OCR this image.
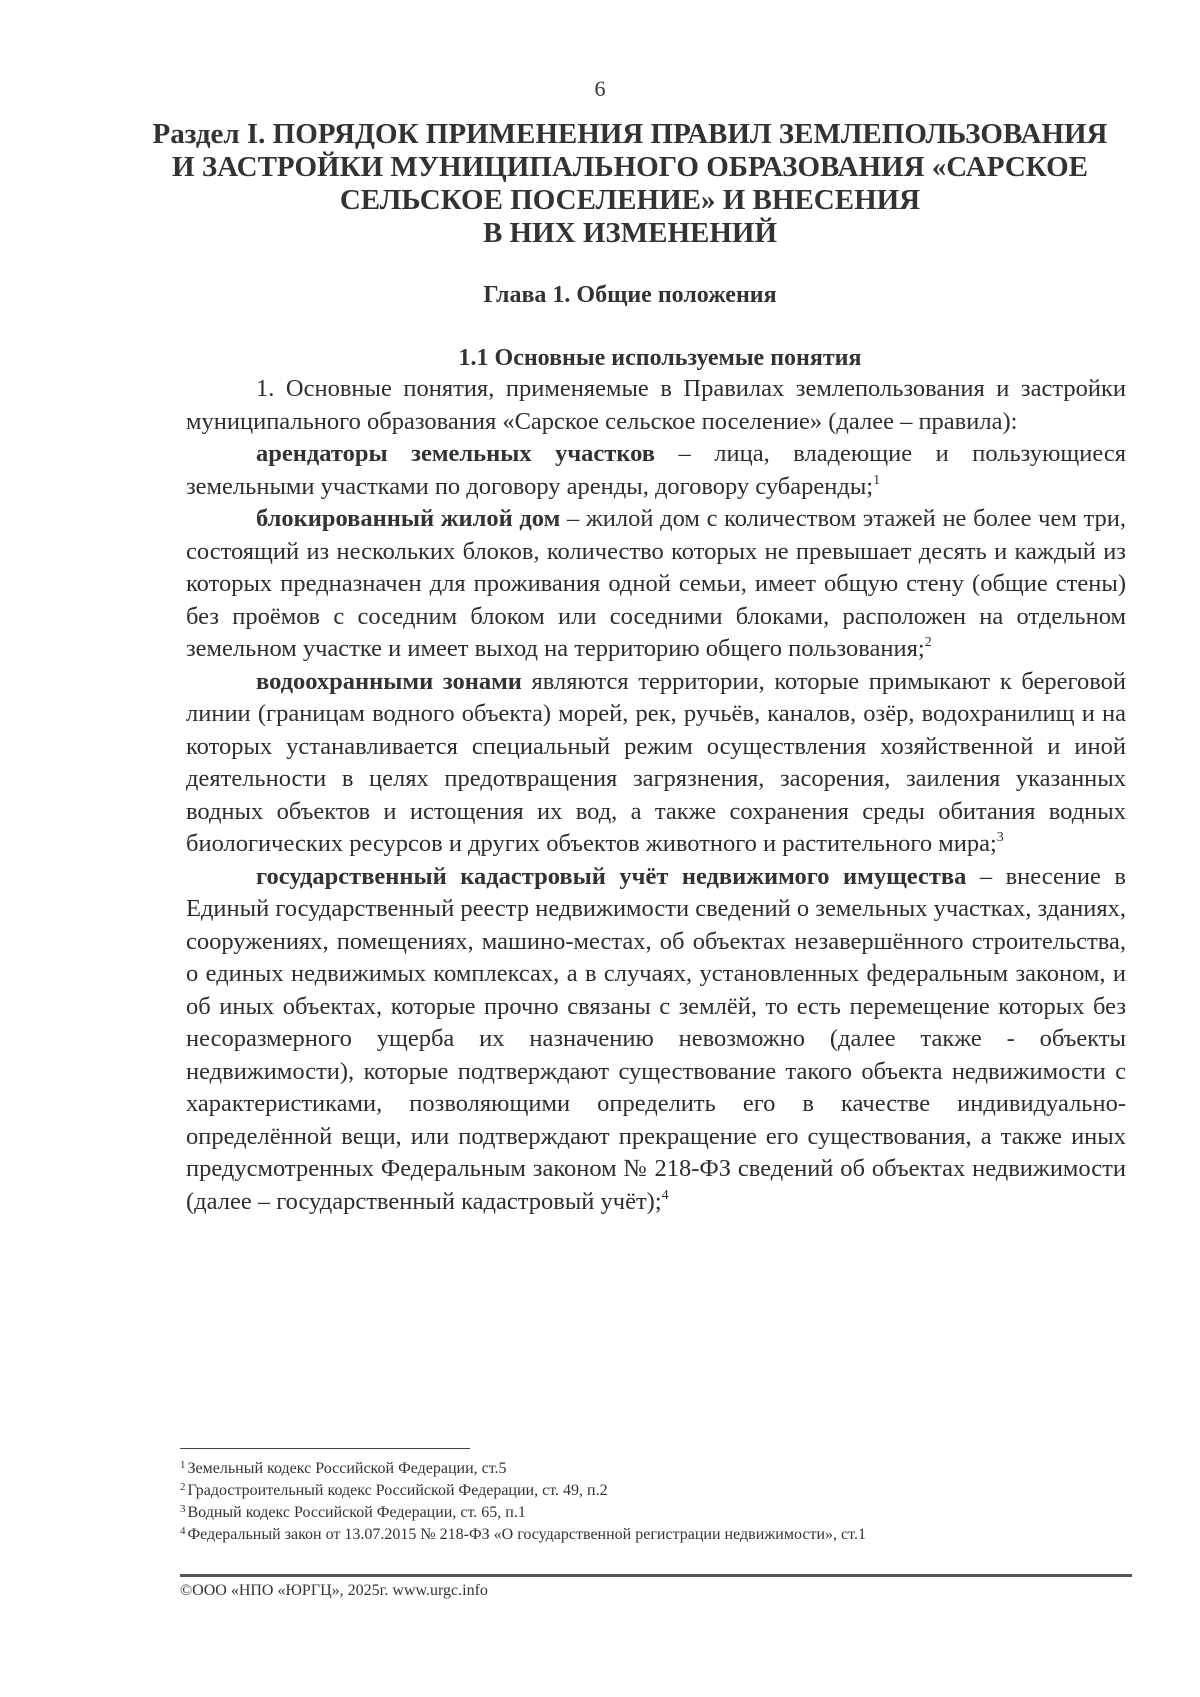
6
Раздел I. ПОРЯДОК ПРИМЕНЕНИЯ ПРАВИЛ ЗЕМЛЕПОЛЬЗОВАНИЯ
И ЗАСТРОЙКИ МУНИЦИПАЛЬНОГО ОБРАЗОВАНИЯ «САРСКОЕ
СЕЛЬСКОЕ ПОСЕЛЕНИЕ» И ВНЕСЕНИЯ
В НИХ ИЗМЕНЕНИЙ
Глава 1. Общие положения
1.1 Основные используемые понятия

1. Основные понятия, применяемые в Правилах землепользования и застройки муниципального образования «Сарское сельское поселение» (далее – правила):

арендаторы земельных участков – лица, владеющие и пользующиеся земельными участками по договору аренды, договору субаренды;$^1$

блокированный жилой дом – жилой дом с количеством этажей не более чем три, состоящий из нескольких блоков, количество которых не превышает десять и каждый из которых предназначен для проживания одной семьи, имеет общую стену (общие стены) без проёмов с соседним блоком или соседними блоками, расположен на отдельном земельном участке и имеет выход на территорию общего пользования;$^2$

водоохранными зонами являются территории, которые примыкают к береговой линии (границам водного объекта) морей, рек, ручьёв, каналов, озёр, водохранилищ и на которых устанавливается специальный режим осуществления хозяйственной и иной деятельности в целях предотвращения загрязнения, засорения, заиления указанных водных объектов и истощения их вод, а также сохранения среды обитания водных биологических ресурсов и других объектов животного и растительного мира;$^3$

государственный кадастровый учёт недвижимого имущества – внесение в Единый государственный реестр недвижимости сведений о земельных участках, зданиях, сооружениях, помещениях, машино-местах, об объектах незавершённого строительства, о единых недвижимых комплексах, а в случаях, установленных федеральным законом, и об иных объектах, которые прочно связаны с землёй, то есть перемещение которых без несоразмерного ущерба их назначению невозможно (далее также - объекты недвижимости), которые подтверждают существование такого объекта недвижимости с характеристиками, позволяющими определить его в качестве индивидуально-определённой вещи, или подтверждают прекращение его существования, а также иных предусмотренных Федеральным законом № 218-ФЗ сведений об объектах недвижимости (далее – государственный кадастровый учёт);$^4$

$^1$ Земельный кодекс Российской Федерации, ст.5
$^2$ Градостроительный кодекс Российской Федерации, ст. 49, п.2
$^3$ Водный кодекс Российской Федерации, ст. 65, п.1
$^4$ Федеральный закон от 13.07.2015 № 218-ФЗ «О государственной регистрации недвижимости», ст.1
©ООО «НПО «ЮРГЦ», 2025г. www.urgc.info
